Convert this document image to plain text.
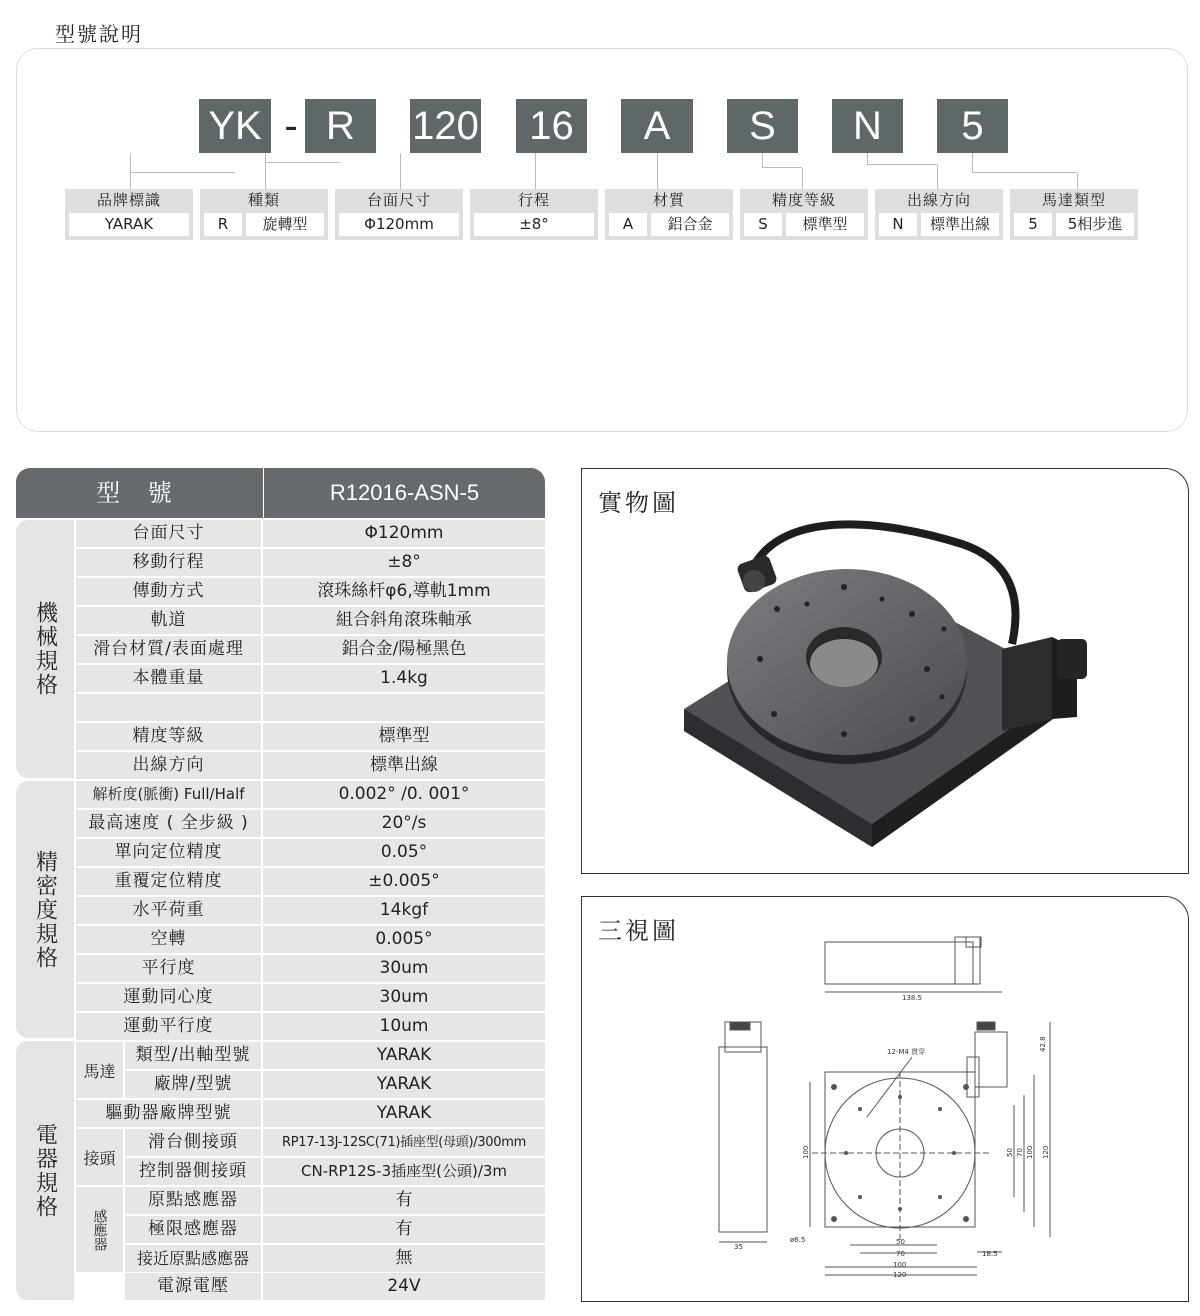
型號說明
YK - R	120	16	A	S	N	5
品牌標識
YARAK
種類
R	旋轉型
台面尺寸
Φ120mm
行程
±8°
材質
A	鋁合金
精度等級
S	標準型
出線方向
N	標準出線
馬達類型
5	5相步進
型 號	R12016-ASN-5
機械規格
精密度規格
電器規格
台面尺寸	Φ120mm
移動行程	±8°
傳動方式	滾珠絲杆φ6,導軌1mm
軌道	組合斜角滾珠軸承
滑台材質/表面處理	鋁合金/陽極黑色
本體重量	1.4kg
精度等級	標準型
出線方向	標準出線
解析度(脈衝) Full/Half	0.002° /0. 001°
最高速度 ( 全步級 )	20°/s
單向定位精度	0.05°
重覆定位精度	±0.005°
水平荷重	14kgf
空轉	0.005°
平行度	30um
運動同心度	30um
運動平行度	10um
馬達
類型/出軸型號	YARAK
廠牌/型號	YARAK
驅動器廠牌型號	YARAK
接頭
滑台側接頭	RP17-13J-12SC(71)插座型(母頭)/300mm
控制器側接頭	CN-RP12S-3插座型(公頭)/3m
感應器
原點感應器	有
極限感應器	有
接近原點感應器	無
電源電壓	24V
實物圖
三視圖
138.5
12-M4 貫穿
ø6.5
42.8
35
100	50 70 100 120
50
70
100
120
18.5
